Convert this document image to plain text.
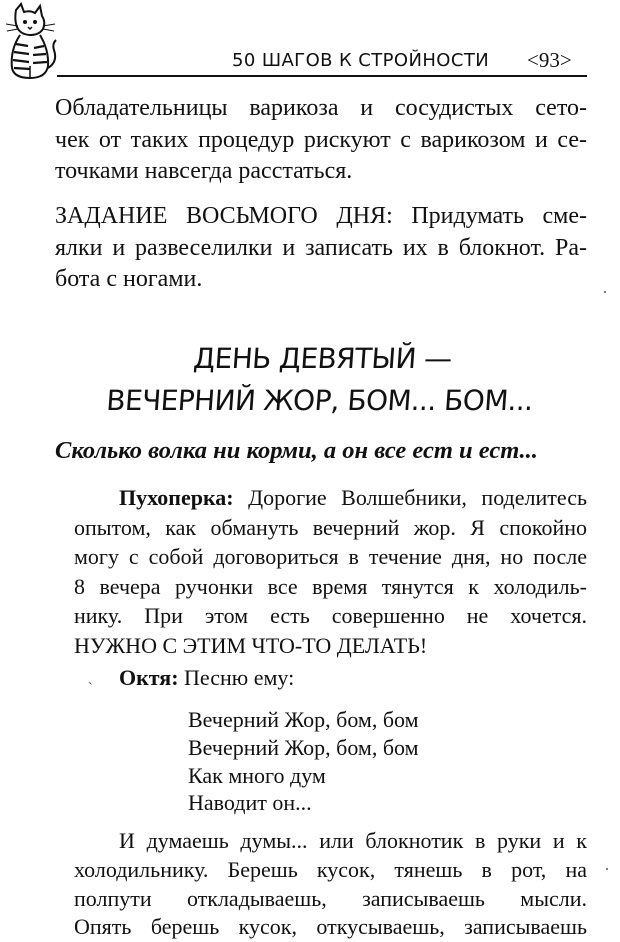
50 ШАГОВ К СТРОЙНОСТИ <93>
Обладательницы варикоза и сосудистых сето-
чек от таких процедур рискуют с варикозом и се-
точками навсегда расстаться.
ЗАДАНИЕ ВОСЬМОГО ДНЯ: Придумать сме-
ялки и развеселилки и записать их в блокнот. Ра-
бота с ногами.
ДЕНЬ ДЕВЯТЫЙ —
ВЕЧЕРНИЙ ЖОР, БОМ... БОМ...
Сколько волка ни корми, а он все ест и ест...
Пухоперка: Дорогие Волшебники, поделитесь
опытом, как обмануть вечерний жор. Я спокойно
могу с собой договориться в течение дня, но после
8 вечера ручонки все время тянутся к холодиль-
нику. При этом есть совершенно не хочется.
НУЖНО С ЭТИМ ЧТО-ТО ДЕЛАТЬ!
˴	Октя: Песню ему:
Вечерний Жор, бом, бом
Вечерний Жор, бом, бом
Как много дум
Наводит он...
И думаешь думы... или блокнотик в руки и к
холодильнику. Берешь кусок, тянешь в рот, на
полпути откладываешь, записываешь мысли.
Опять берешь кусок, откусываешь, записываешь
